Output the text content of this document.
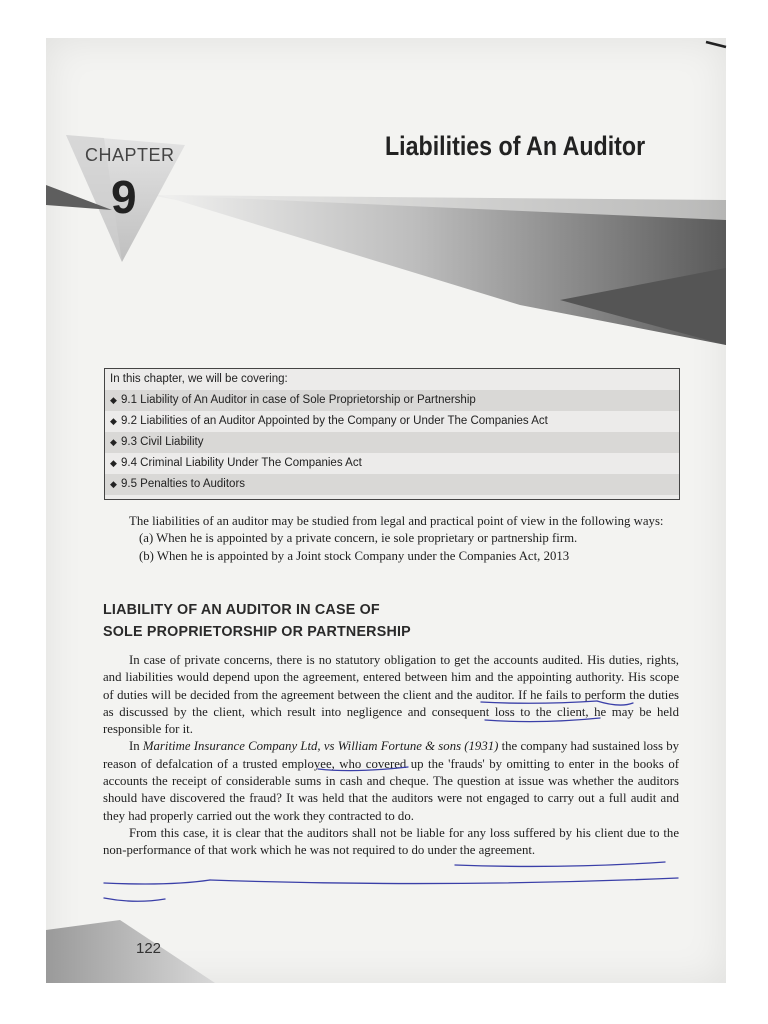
CHAPTER
9
Liabilities of An Auditor
In this chapter, we will be covering:
◆ 9.1 Liability of An Auditor in case of Sole Proprietorship or Partnership
◆ 9.2 Liabilities of an Auditor Appointed by the Company or Under The Companies Act
◆ 9.3 Civil Liability
◆ 9.4 Criminal Liability Under The Companies Act
◆ 9.5 Penalties to Auditors

The liabilities of an auditor may be studied from legal and practical point of view in the following ways:

(a) When he is appointed by a private concern, ie sole proprietary or partnership firm.

(b) When he is appointed by a Joint stock Company under the Companies Act, 2013

LIABILITY OF AN AUDITOR IN CASE OF
SOLE PROPRIETORSHIP OR PARTNERSHIP

In case of private concerns, there is no statutory obligation to get the accounts audited. His duties, rights, and liabilities would depend upon the agreement, entered between him and the appointing authority. His scope of duties will be decided from the agreement between the client and the auditor. If he fails to perform the duties as discussed by the client, which result into negligence and consequent loss to the client, he may be held responsible for it.

In Maritime Insurance Company Ltd, vs William Fortune & sons (1931) the company had sustained loss by reason of defalcation of a trusted employee, who covered up the 'frauds' by omitting to enter in the books of accounts the receipt of considerable sums in cash and cheque. The question at issue was whether the auditors should have discovered the fraud? It was held that the auditors were not engaged to carry out a full audit and they had properly carried out the work they contracted to do.

From this case, it is clear that the auditors shall not be liable for any loss suffered by his client due to the non-performance of that work which he was not required to do under the agreement.

122
